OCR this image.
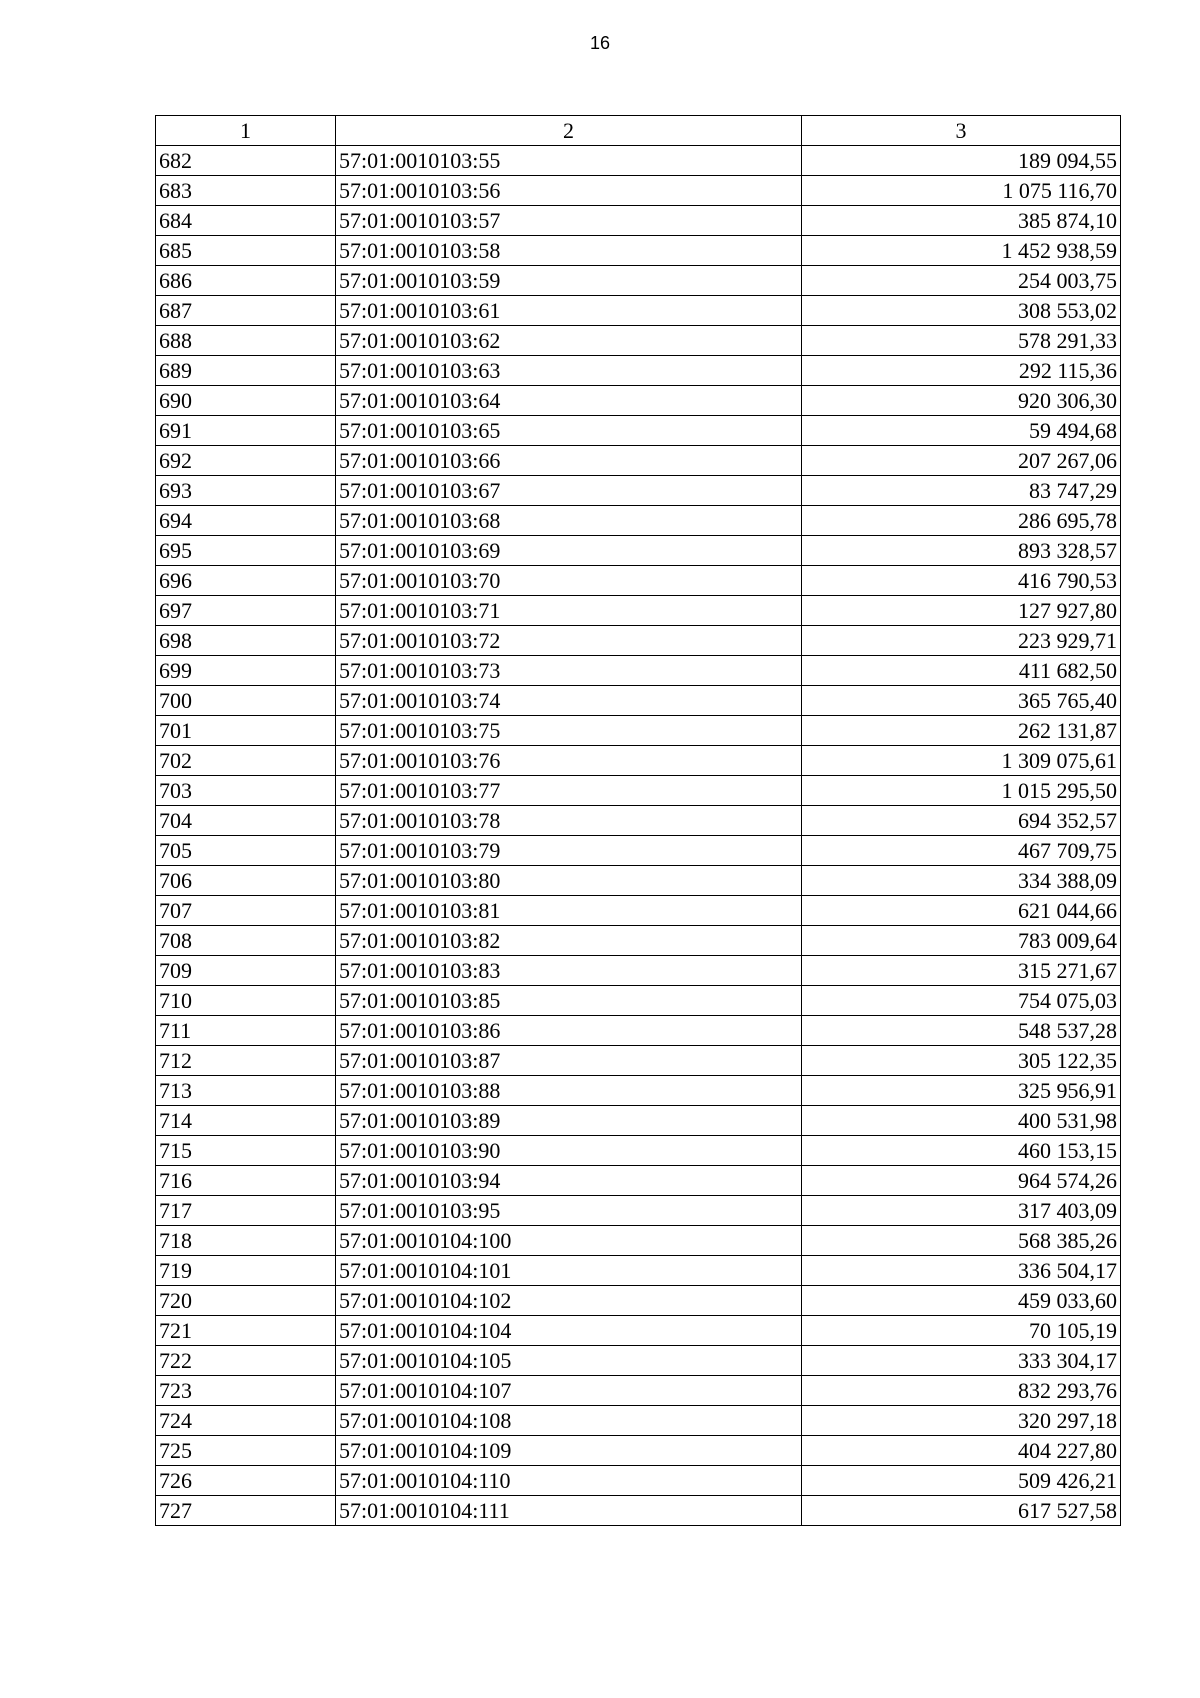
16
1	2	3
682	57:01:0010103:55	189 094,55
683	57:01:0010103:56	1 075 116,70
684	57:01:0010103:57	385 874,10
685	57:01:0010103:58	1 452 938,59
686	57:01:0010103:59	254 003,75
687	57:01:0010103:61	308 553,02
688	57:01:0010103:62	578 291,33
689	57:01:0010103:63	292 115,36
690	57:01:0010103:64	920 306,30
691	57:01:0010103:65	59 494,68
692	57:01:0010103:66	207 267,06
693	57:01:0010103:67	83 747,29
694	57:01:0010103:68	286 695,78
695	57:01:0010103:69	893 328,57
696	57:01:0010103:70	416 790,53
697	57:01:0010103:71	127 927,80
698	57:01:0010103:72	223 929,71
699	57:01:0010103:73	411 682,50
700	57:01:0010103:74	365 765,40
701	57:01:0010103:75	262 131,87
702	57:01:0010103:76	1 309 075,61
703	57:01:0010103:77	1 015 295,50
704	57:01:0010103:78	694 352,57
705	57:01:0010103:79	467 709,75
706	57:01:0010103:80	334 388,09
707	57:01:0010103:81	621 044,66
708	57:01:0010103:82	783 009,64
709	57:01:0010103:83	315 271,67
710	57:01:0010103:85	754 075,03
711	57:01:0010103:86	548 537,28
712	57:01:0010103:87	305 122,35
713	57:01:0010103:88	325 956,91
714	57:01:0010103:89	400 531,98
715	57:01:0010103:90	460 153,15
716	57:01:0010103:94	964 574,26
717	57:01:0010103:95	317 403,09
718	57:01:0010104:100	568 385,26
719	57:01:0010104:101	336 504,17
720	57:01:0010104:102	459 033,60
721	57:01:0010104:104	70 105,19
722	57:01:0010104:105	333 304,17
723	57:01:0010104:107	832 293,76
724	57:01:0010104:108	320 297,18
725	57:01:0010104:109	404 227,80
726	57:01:0010104:110	509 426,21
727	57:01:0010104:111	617 527,58
